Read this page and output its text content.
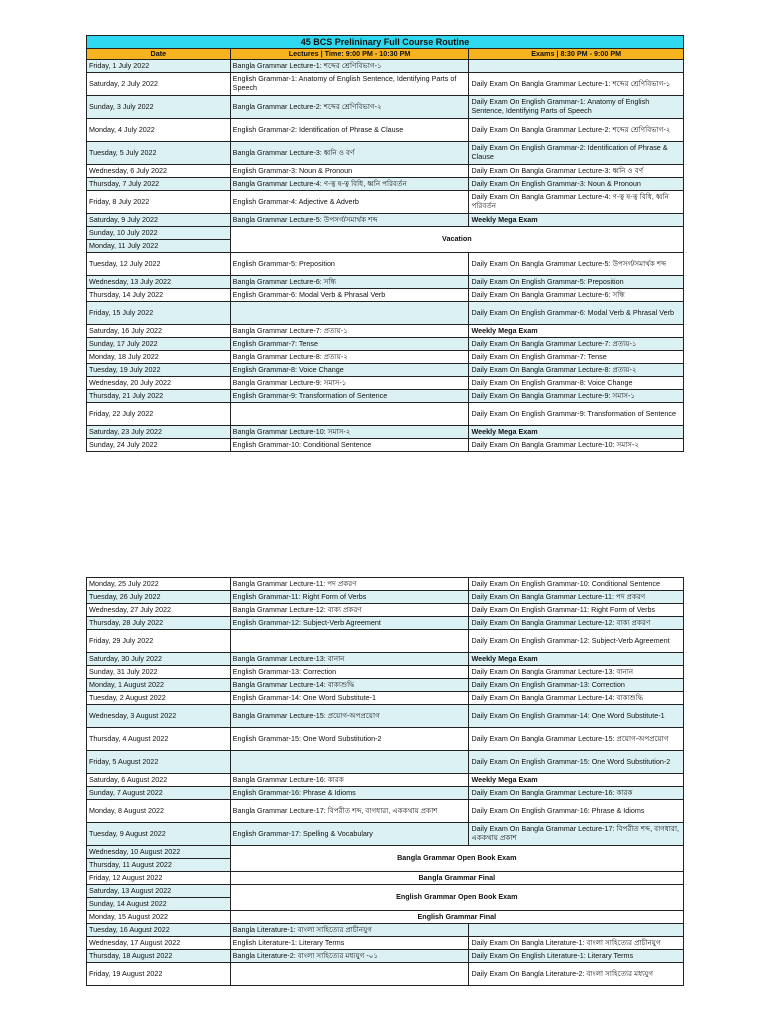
45 BCS Prelininary Full Course Routine		
Date	Lectures | Time: 9:00 PM - 10:30 PM	Exams | 8:30 PM - 9:00 PM
Friday, 1 July 2022	Bangla Grammar Lecture-1: শব্দের শ্রেণিবিভাগ-১	
Saturday, 2 July 2022	English Grammar-1: Anatomy of English Sentence, Identifying Parts of Speech	Daily Exam On Bangla Grammar Lecture-1: শব্দের শ্রেণিবিভাগ-১
Sunday, 3 July 2022	Bangla Grammar Lecture-2: শব্দের শ্রেণিবিভাগ-২	Daily Exam On English Grammar-1: Anatomy of English Sentence, Identifying Parts of Speech
Monday, 4 July 2022	English Grammar-2: Identification of Phrase & Clause	Daily Exam On Bangla Grammar Lecture-2: শব্দের শ্রেণিবিভাগ-২
Tuesday, 5 July 2022	Bangla Grammar Lecture-3: ধ্বনি ও বর্ণ	Daily Exam On English Grammar-2: Identification of Phrase & Clause
Wednesday, 6 July 2022	English Grammar-3: Noun & Pronoun	Daily Exam On Bangla Grammar Lecture-3: ধ্বনি ও বর্ণ
Thursday, 7 July 2022	Bangla Grammar Lecture-4: ণ-ত্ব ষ-ত্ব বিধি, ধ্বনি পরিবর্তন	Daily Exam On English Grammar-3: Noun & Pronoun
Friday, 8 July 2022	English Grammar-4: Adjective & Adverb	Daily Exam On Bangla Grammar Lecture-4: ণ-ত্ব ষ-ত্ব বিধি, ধ্বনি পরিবর্তন
Saturday, 9 July 2022	Bangla Grammar Lecture-5: উপসর্গ/সমার্থক শব্দ	Weekly Mega Exam
Sunday, 10 July 2022	Vacation	
Monday, 11 July 2022		
Tuesday, 12 July 2022	English Grammar-5: Preposition	Daily Exam On Bangla Grammar Lecture-5: উপসর্গ/সমার্থক শব্দ
Wednesday, 13 July 2022	Bangla Grammar Lecture-6: সন্ধি	Daily Exam On English Grammar-5: Preposition
Thursday, 14 July 2022	English Grammar-6: Modal Verb & Phrasal Verb	Daily Exam On Bangla Grammar Lecture-6: সন্ধি
Friday, 15 July 2022		Daily Exam On English Grammar-6: Modal Verb & Phrasal Verb
Saturday, 16 July 2022	Bangla Grammar Lecture-7: প্রত্যয়-১	Weekly Mega Exam
Sunday, 17 July 2022	English Grammar-7: Tense	Daily Exam On Bangla Grammar Lecture-7: প্রত্যয়-১
Monday, 18 July 2022	Bangla Grammar Lecture-8: প্রত্যয়-২	Daily Exam On English Grammar-7: Tense
Tuesday, 19 July 2022	English Grammar-8: Voice Change	Daily Exam On Bangla Grammar Lecture-8: প্রত্যয়-২
Wednesday, 20 July 2022	Bangla Grammar Lecture-9: সমাস-১	Daily Exam On English Grammar-8: Voice Change
Thursday, 21 July 2022	English Grammar-9: Transformation of Sentence	Daily Exam On Bangla Grammar Lecture-9: সমাস-১
Friday, 22 July 2022		Daily Exam On English Grammar-9: Transformation of Sentence
Saturday, 23 July 2022	Bangla Grammar Lecture-10: সমাস-২	Weekly Mega Exam
Sunday, 24 July 2022	English Grammar-10: Conditional Sentence	Daily Exam On Bangla Grammar Lecture-10: সমাস-২
Monday, 25 July 2022	Bangla Grammar Lecture-11: পদ প্রকরণ	Daily Exam On English Grammar-10: Conditional Sentence
Tuesday, 26 July 2022	English Grammar-11: Right Form of Verbs	Daily Exam On Bangla Grammar Lecture-11: পদ প্রকরণ
Wednesday, 27 July 2022	Bangla Grammar Lecture-12: বাক্য প্রকরণ	Daily Exam On English Grammar-11: Right Form of Verbs
Thursday, 28 July 2022	English Grammar-12: Subject-Verb Agreement	Daily Exam On Bangla Grammar Lecture-12: বাক্য প্রকরণ
Friday, 29 July 2022		Daily Exam On English Grammar-12: Subject-Verb Agreement
Saturday, 30 July 2022	Bangla Grammar Lecture-13: বানান	Weekly Mega Exam
Sunday, 31 July 2022	English Grammar-13: Correction	Daily Exam On Bangla Grammar Lecture-13: বানান
Monday, 1 August 2022	Bangla Grammar Lecture-14: বাক্যশুদ্ধি	Daily Exam On English Grammar-13: Correction
Tuesday, 2 August 2022	English Grammar-14: One Word Substitute-1	Daily Exam On Bangla Grammar Lecture-14: বাক্যশুদ্ধি
Wednesday, 3 August 2022	Bangla Grammar Lecture-15: প্রয়োগ-অপপ্রয়োগ	Daily Exam On English Grammar-14: One Word Substitute-1
Thursday, 4 August 2022	English Grammar-15: One Word Substitution-2	Daily Exam On Bangla Grammar Lecture-15: প্রয়োগ-অপপ্রয়োগ
Friday, 5 August 2022		Daily Exam On English Grammar-15: One Word Substitution-2
Saturday, 6 August 2022	Bangla Grammar Lecture-16: কারক	Weekly Mega Exam
Sunday, 7 August 2022	English Grammar-16: Phrase & Idioms	Daily Exam On Bangla Grammar Lecture-16: কারক
Monday, 8 August 2022	Bangla Grammar Lecture-17: বিপরীত শব্দ, বাগধারা, এককথায় প্রকাশ	Daily Exam On English Grammar-16: Phrase & Idioms
Tuesday, 9 August 2022	English Grammar-17: Spelling & Vocabulary	Daily Exam On Bangla Grammar Lecture-17: বিপরীত শব্দ, বাগধারা, এককথায় প্রকাশ
Wednesday, 10 August 2022	Bangla Grammar Open Book Exam	
Thursday, 11 August 2022		
Friday, 12 August 2022	Bangla Grammar Final	
Saturday, 13 August 2022	English Grammar Open Book Exam	
Sunday, 14 August 2022		
Monday, 15 August 2022	English Grammar Final	
Tuesday, 16 August 2022	Bangla Literature-1: বাংলা সাহিত্যের প্রাচীনযুগ	
Wednesday, 17 August 2022	English Literature-1: Literary Terms	Daily Exam On Bangla Literature-1: বাংলা সাহিত্যের প্রাচীনযুগ
Thursday, 18 August 2022	Bangla Literature-2: বাংলা সাহিত্যের মধ্যযুগ -০১	Daily Exam On English Literature-1: Literary Terms
Friday, 19 August 2022		Daily Exam On Bangla Literature-2: বাংলা সাহিত্যের মধ্যযুগ
